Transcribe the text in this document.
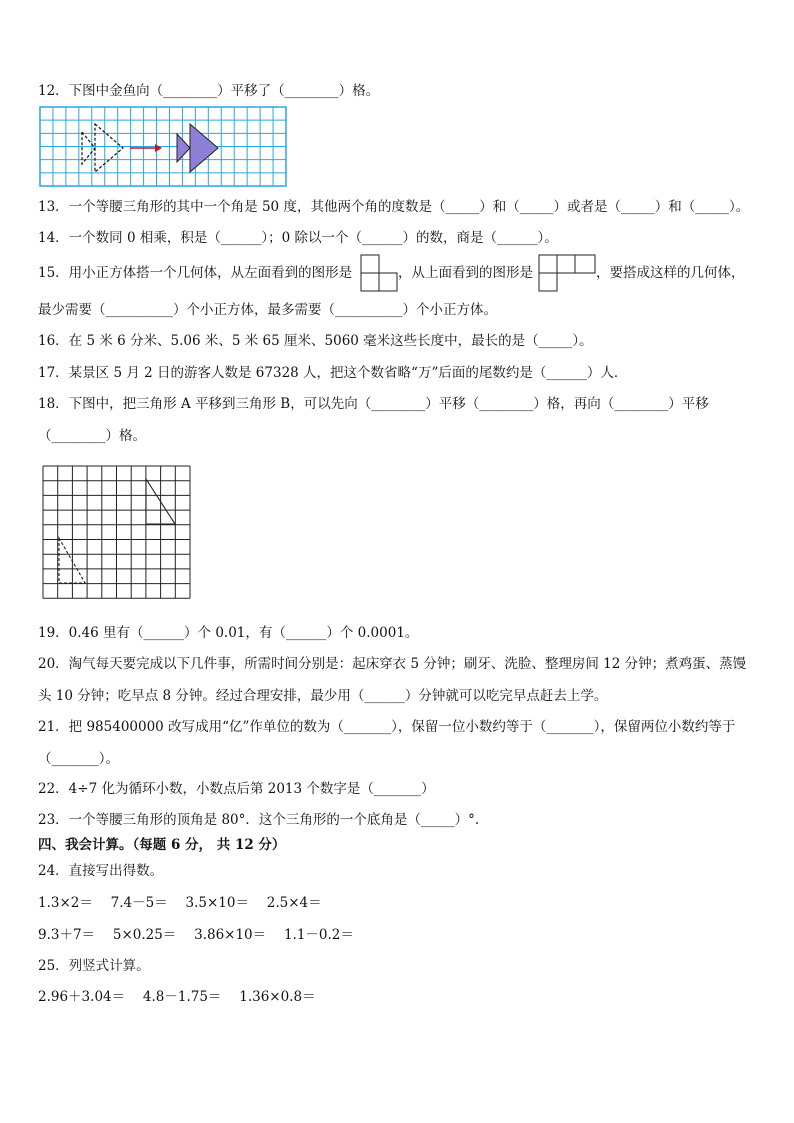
12．下图中金鱼向（________）平移了（________）格。
13．一个等腰三角形的其中一个角是 50 度，其他两个角的度数是（_____）和（_____）或者是（_____）和（_____）。
14．一个数同 0 相乘，积是（______）；0 除以一个（______）的数，商是（______）。
15．用小正方体搭一个几何体，从左面看到的图形是	，从上面看到的图形是	，要搭成这样的几何体，
最少需要（__________）个小正方体，最多需要（__________）个小正方体。
16．在 5 米 6 分米、5.06 米、5 米 65 厘米、5060 毫米这些长度中，最长的是（_____）。
17．某景区 5 月 2 日的游客人数是 67328 人，把这个数省略“万”后面的尾数约是（______）人．
18．下图中，把三角形 A 平移到三角形 B，可以先向（________）平移（________）格，再向（________）平移
（________）格。
19．0.46 里有（______）个 0.01，有（______）个 0.0001。
20．淘气每天要完成以下几件事，所需时间分别是：起床穿衣 5 分钟；刷牙、洗脸、整理房间 12 分钟；煮鸡蛋、蒸馒
头 10 分钟；吃早点 8 分钟。经过合理安排，最少用（______）分钟就可以吃完早点赶去上学。
21．把 985400000 改写成用“亿”作单位的数为（_______），保留一位小数约等于（_______），保留两位小数约等于
（_______）。
22．4÷7 化为循环小数，小数点后第 2013 个数字是（_______）
23．一个等腰三角形的顶角是 80°．这个三角形的一个底角是（_____）°．
四、我会计算。（每题 6 分， 共 12 分）
24．直接写出得数。
1.3×2＝　 7.4－5＝　 3.5×10＝　 2.5×4＝
9.3＋7＝　 5×0.25＝　 3.86×10＝　 1.1－0.2＝
25．列竖式计算。
2.96＋3.04＝　 4.8－1.75＝　 1.36×0.8＝
